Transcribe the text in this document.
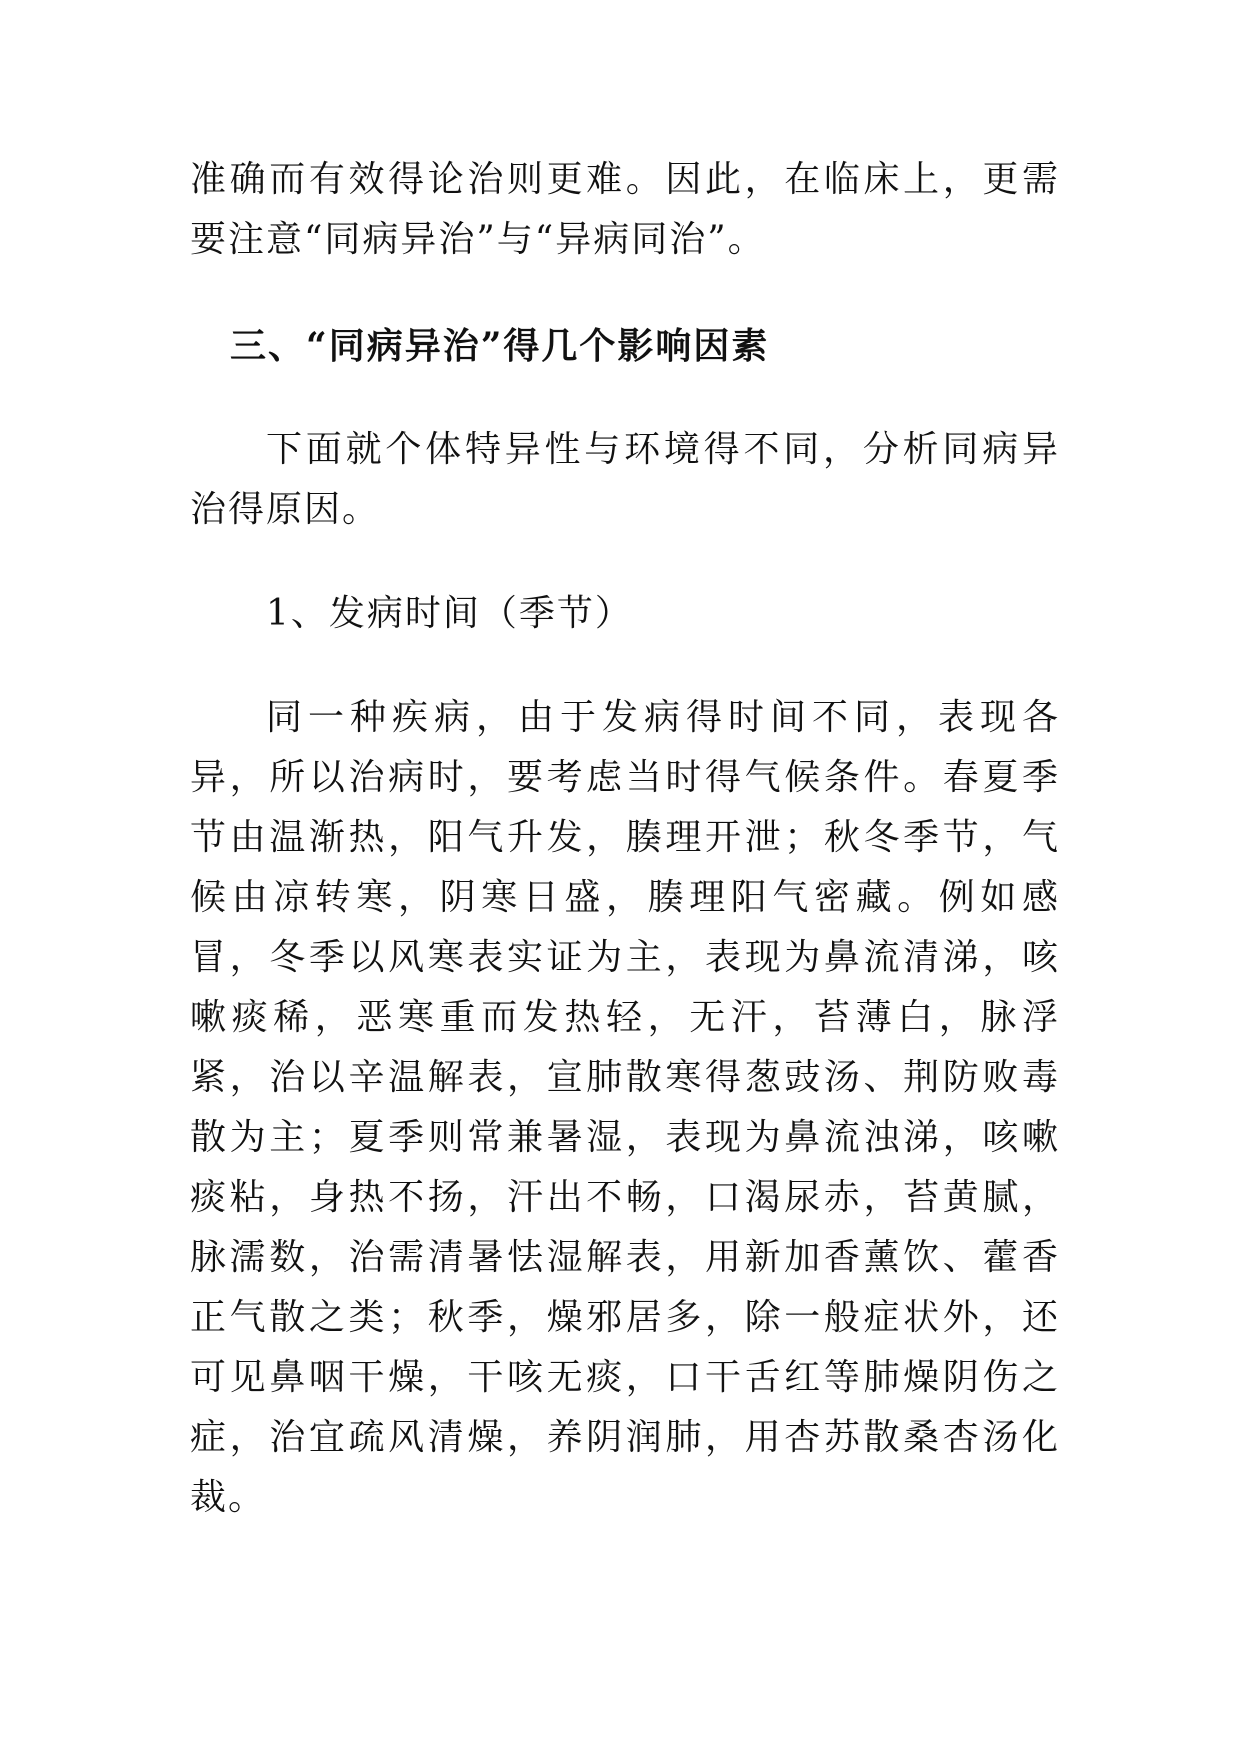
准确而有效得论治则更难。因此，在临床上，更需要注意“同病异治”与“异病同治”。

三、“同病异治”得几个影响因素

下面就个体特异性与环境得不同，分析同病异治得原因。

1、发病时间（季节）

同一种疾病，由于发病得时间不同，表现各异，所以治病时，要考虑当时得气候条件。春夏季节由温渐热，阳气升发，腠理开泄；秋冬季节，气候由凉转寒，阴寒日盛，腠理阳气密藏。例如感冒，冬季以风寒表实证为主，表现为鼻流清涕，咳嗽痰稀，恶寒重而发热轻，无汗，苔薄白，脉浮紧，治以辛温解表，宣肺散寒得葱豉汤、荆防败毒散为主；夏季则常兼暑湿，表现为鼻流浊涕，咳嗽痰粘，身热不扬，汗出不畅，口渴尿赤，苔黄腻，脉濡数，治需清暑怯湿解表，用新加香薰饮、藿香正气散之类；秋季，燥邪居多，除一般症状外，还可见鼻咽干燥，干咳无痰，口干舌红等肺燥阴伤之症，治宜疏风清燥，养阴润肺，用杏苏散桑杏汤化裁。
